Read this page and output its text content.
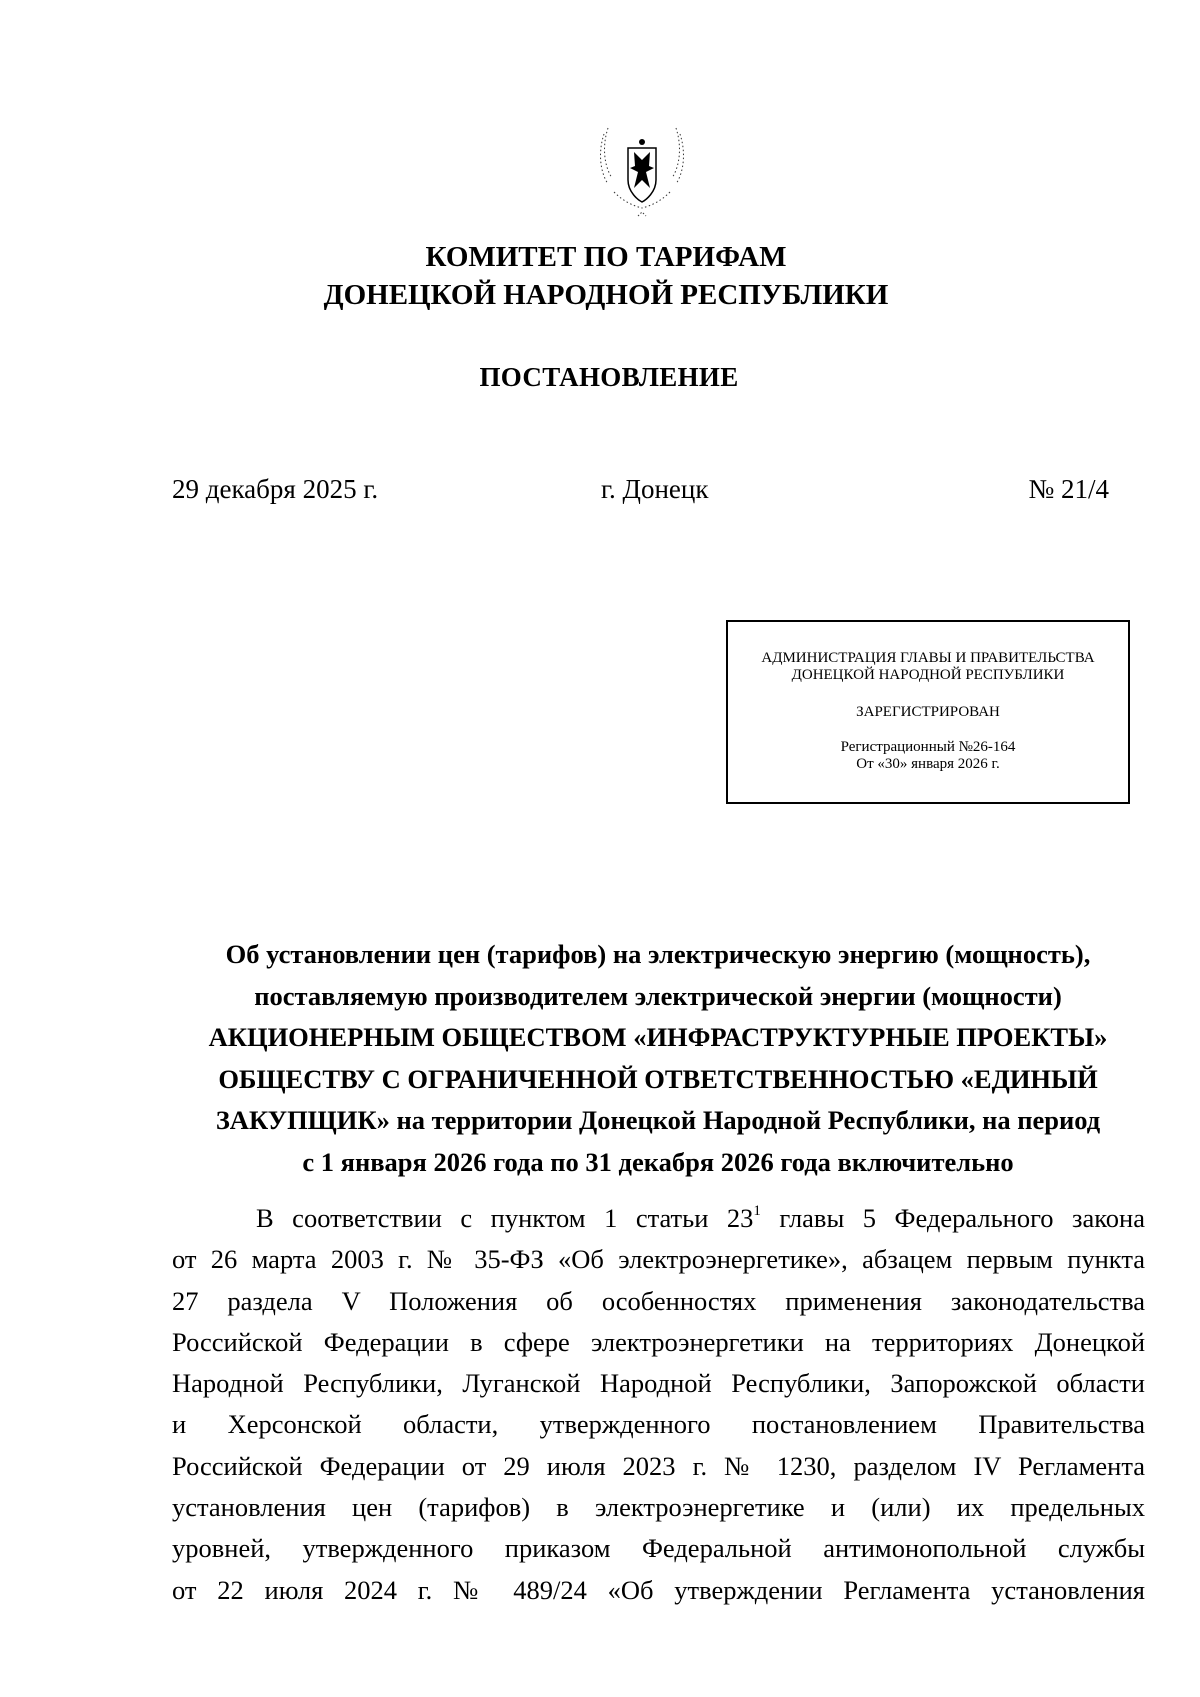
КОМИТЕТ ПО ТАРИФАМ
ДОНЕЦКОЙ НАРОДНОЙ РЕСПУБЛИКИ
ПОСТАНОВЛЕНИЕ
29 декабря 2025 г.	г. Донецк	№ 21/4
АДМИНИСТРАЦИЯ ГЛАВЫ И ПРАВИТЕЛЬСТВА
ДОНЕЦКОЙ НАРОДНОЙ РЕСПУБЛИКИ
ЗАРЕГИСТРИРОВАН
Регистрационный №26-164
От «30» января 2026 г.
Об установлении цен (тарифов) на электрическую энергию (мощность),
поставляемую производителем электрической энергии (мощности)
АКЦИОНЕРНЫМ ОБЩЕСТВОМ «ИНФРАСТРУКТУРНЫЕ ПРОЕКТЫ»
ОБЩЕСТВУ С ОГРАНИЧЕННОЙ ОТВЕТСТВЕННОСТЬЮ «ЕДИНЫЙ
ЗАКУПЩИК» на территории Донецкой Народной Республики, на период
с 1 января 2026 года по 31 декабря 2026 года включительно
В соответствии с пунктом 1 статьи $23^1$ главы 5 Федерального закона
от 26 марта 2003 г. № 35-ФЗ «Об электроэнергетике», абзацем первым пункта
27 раздела V Положения об особенностях применения законодательства
Российской Федерации в сфере электроэнергетики на территориях Донецкой
Народной Республики, Луганской Народной Республики, Запорожской области
и Херсонской области, утвержденного постановлением Правительства
Российской Федерации от 29 июля 2023 г. № 1230, разделом IV Регламента
установления цен (тарифов) в электроэнергетике и (или) их предельных
уровней, утвержденного приказом Федеральной антимонопольной службы
от 22 июля 2024 г. № 489/24 «Об утверждении Регламента установления
